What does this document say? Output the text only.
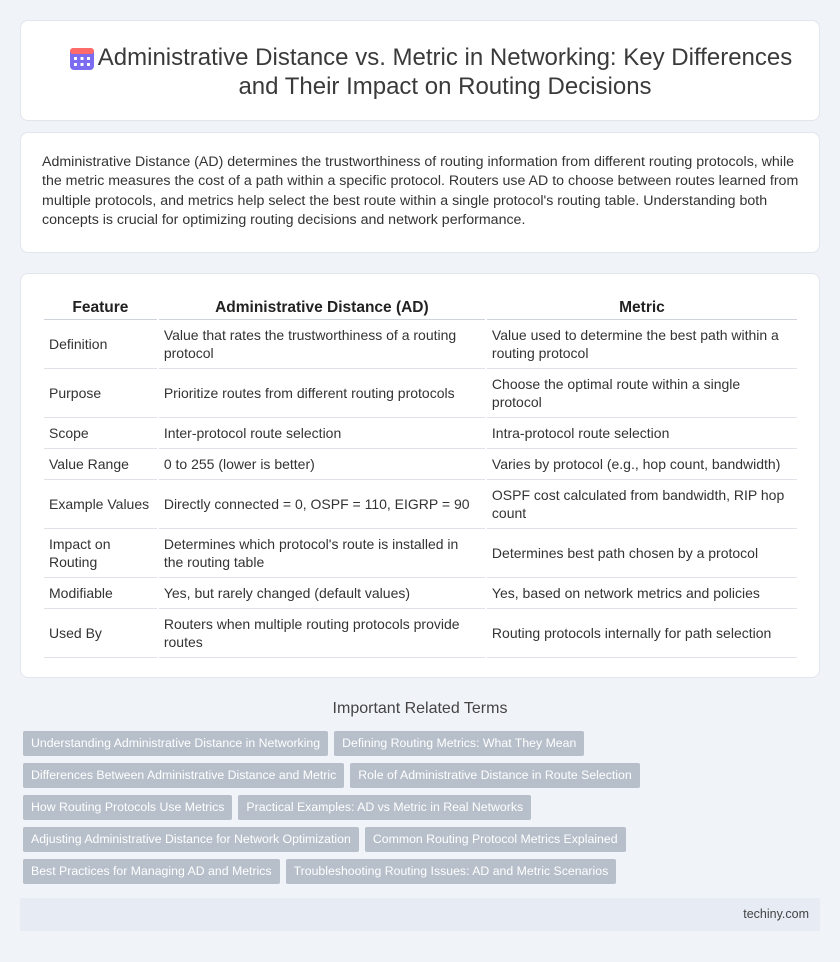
Administrative Distance vs. Metric in Networking: Key Differences and Their Impact on Routing Decisions

Administrative Distance (AD) determines the trustworthiness of routing information from different routing protocols, while the metric measures the cost of a path within a specific protocol. Routers use AD to choose between routes learned from multiple protocols, and metrics help select the best route within a single protocol's routing table. Understanding both concepts is crucial for optimizing routing decisions and network performance.

Feature	Administrative Distance (AD)	Metric
Definition	Value that rates the trustworthiness of a routing protocol	Value used to determine the best path within a routing protocol
Purpose	Prioritize routes from different routing protocols	Choose the optimal route within a single protocol
Scope	Inter-protocol route selection	Intra-protocol route selection
Value Range	0 to 255 (lower is better)	Varies by protocol (e.g., hop count, bandwidth)
Example Values	Directly connected = 0, OSPF = 110, EIGRP = 90	OSPF cost calculated from bandwidth, RIP hop count
Impact on Routing	Determines which protocol's route is installed in the routing table	Determines best path chosen by a protocol
Modifiable	Yes, but rarely changed (default values)	Yes, based on network metrics and policies
Used By	Routers when multiple routing protocols provide routes	Routing protocols internally for path selection
Important Related Terms
Understanding Administrative Distance in Networking Defining Routing Metrics: What They Mean
Differences Between Administrative Distance and Metric Role of Administrative Distance in Route Selection
How Routing Protocols Use Metrics Practical Examples: AD vs Metric in Real Networks
Adjusting Administrative Distance for Network Optimization Common Routing Protocol Metrics Explained
Best Practices for Managing AD and Metrics Troubleshooting Routing Issues: AD and Metric Scenarios
techiny.com
